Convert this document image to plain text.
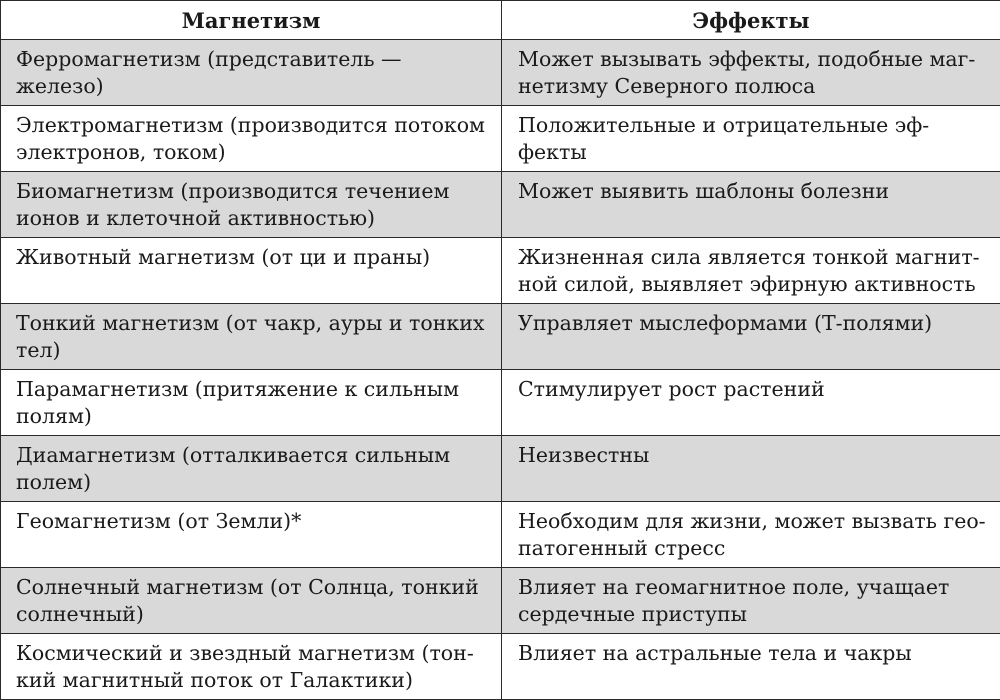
Магнетизм	Эффекты

Ферромагнетизм (представитель — железо)	Может вызывать эффекты, подобные магнетизму Северного полюса

Электромагнетизм (производится потоком электронов, током)	Положительные и отрицательные эффекты

Биомагнетизм (производится течением ионов и клеточной активностью)	Может выявить шаблоны болезни

Животный магнетизм (от ци и праны)	Жизненная сила является тонкой магнитной силой, выявляет эфирную активность

Тонкий магнетизм (от чакр, ауры и тонких тел)	Управляет мыслеформами (Т-полями)

Парамагнетизм (притяжение к сильным полям)	Стимулирует рост растений

Диамагнетизм (отталкивается сильным полем)	Неизвестны

Геомагнетизм (от Земли)*	Необходим для жизни, может вызвать геопатогенный стресс

Солнечный магнетизм (от Солнца, тонкий солнечный)	Влияет на геомагнитное поле, учащает сердечные приступы

Космический и звездный магнетизм (тонкий магнитный поток от Галактики)	Влияет на астральные тела и чакры
